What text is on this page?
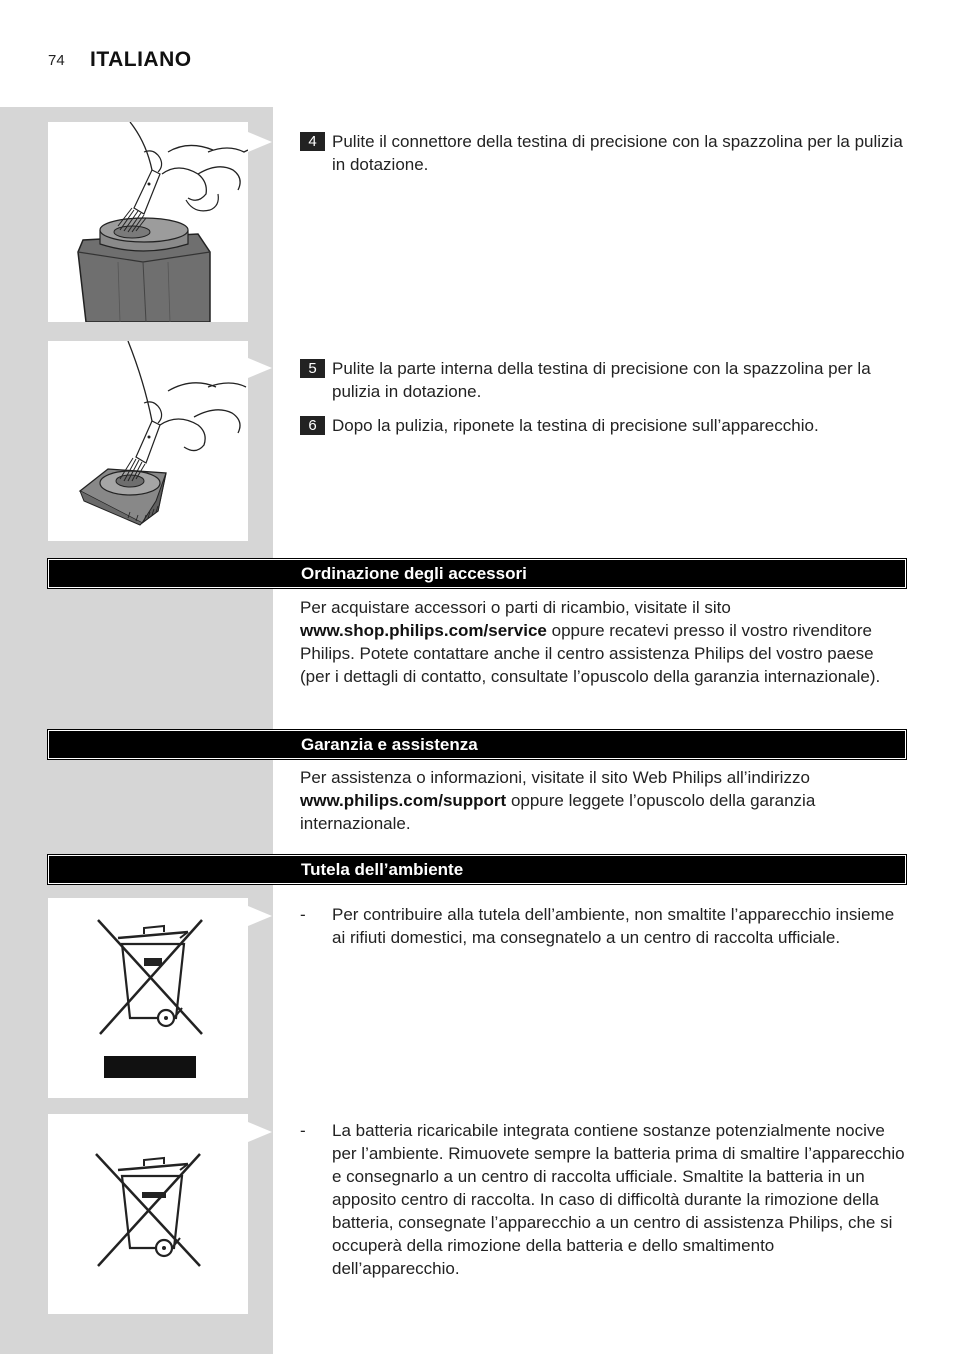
74 ITALIANO
4 Pulite il connettore della testina di precisione con la spazzolina per la pulizia in dotazione.
5 Pulite la parte interna della testina di precisione con la spazzolina per la pulizia in dotazione.
6 Dopo la pulizia, riponete la testina di precisione sull’apparecchio.
Ordinazione degli accessori
Per acquistare accessori o parti di ricambio, visitate il sito www.shop.philips.com/service oppure recatevi presso il vostro rivenditore Philips. Potete contattare anche il centro assistenza Philips del vostro paese (per i dettagli di contatto, consultate l’opuscolo della garanzia internazionale).
Garanzia e assistenza
Per assistenza o informazioni, visitate il sito Web Philips all’indirizzo www.philips.com/support oppure leggete l’opuscolo della garanzia internazionale.
Tutela dell’ambiente
- Per contribuire alla tutela dell’ambiente, non smaltite l’apparecchio insieme ai rifiuti domestici, ma consegnatelo a un centro di raccolta ufficiale.
- La batteria ricaricabile integrata contiene sostanze potenzialmente nocive per l’ambiente. Rimuovete sempre la batteria prima di smaltire l’apparecchio e consegnarlo a un centro di raccolta ufficiale. Smaltite la batteria in un apposito centro di raccolta. In caso di difficoltà durante la rimozione della batteria, consegnate l’apparecchio a un centro di assistenza Philips, che si occuperà della rimozione della batteria e dello smaltimento dell’apparecchio.
